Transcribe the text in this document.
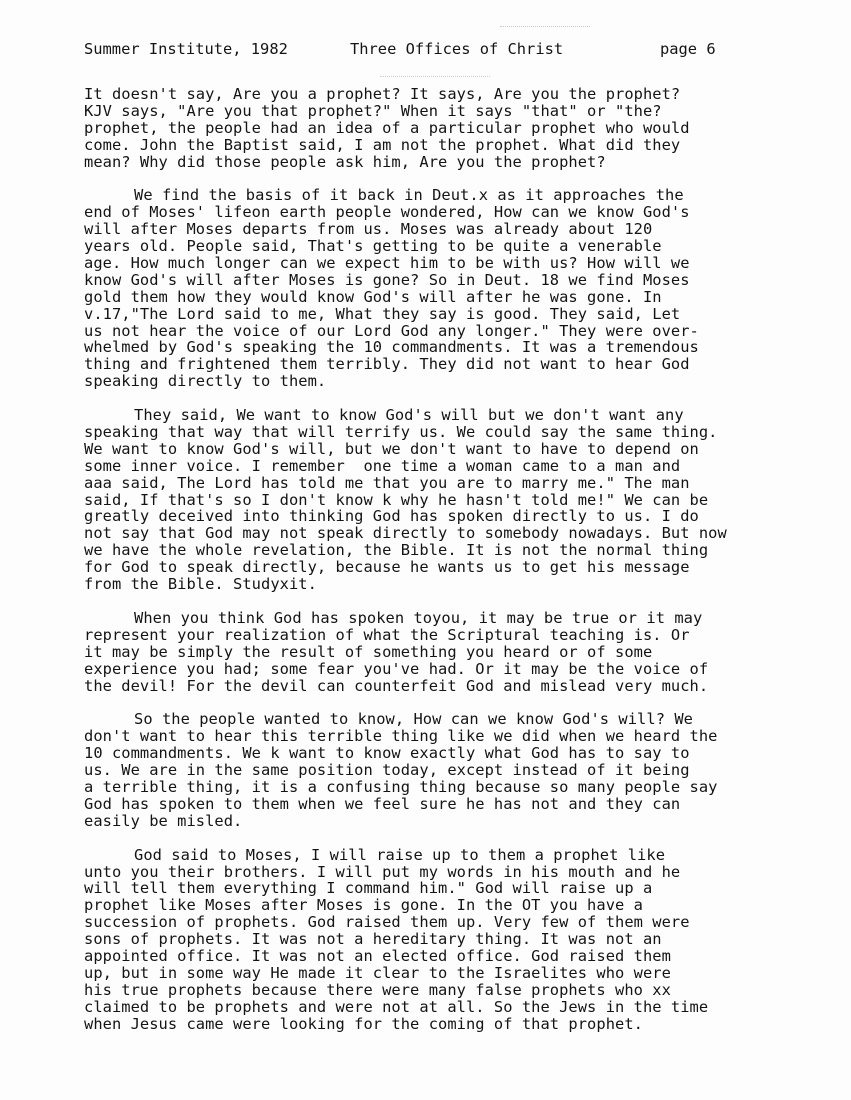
Summer Institute, 1982

	Three Offices of Christ

	page 6

It doesn't say, Are you a prophet? It says, Are you the prophet?
KJV says, "Are you that prophet?" When it says "that" or "the?
prophet, the people had an idea of a particular prophet who would
come. John the Baptist said, I am not the prophet. What did they
mean? Why did those people ask him, Are you the prophet?
We find the basis of it back in Deut.x as it approaches the
end of Moses' lifeon earth people wondered, How can we know God's
will after Moses departs from us. Moses was already about 120
years old. People said, That's getting to be quite a venerable
age. How much longer can we expect him to be with us? How will we
know God's will after Moses is gone? So in Deut. 18 we find Moses
gold them how they would know God's will after he was gone. In
v.17,"The Lord said to me, What they say is good. They said, Let
us not hear the voice of our Lord God any longer." They were over-
whelmed by God's speaking the 10 commandments. It was a tremendous
thing and frightened them terribly. They did not want to hear God
speaking directly to them.
They said, We want to know God's will but we don't want any
speaking that way that will terrify us. We could say the same thing.
We want to know God's will, but we don't want to have to depend on
some inner voice. I remember  one time a woman came to a man and
aaa said, The Lord has told me that you are to marry me." The man
said, If that's so I don't know k why he hasn't told me!" We can be
greatly deceived into thinking God has spoken directly to us. I do
not say that God may not speak directly to somebody nowadays. But now
we have the whole revelation, the Bible. It is not the normal thing
for God to speak directly, because he wants us to get his message
from the Bible. Studyxit.
When you think God has spoken toyou, it may be true or it may
represent your realization of what the Scriptural teaching is. Or
it may be simply the result of something you heard or of some
experience you had; some fear you've had. Or it may be the voice of
the devil! For the devil can counterfeit God and mislead very much.
So the people wanted to know, How can we know God's will? We
don't want to hear this terrible thing like we did when we heard the
10 commandments. We k want to know exactly what God has to say to
us. We are in the same position today, except instead of it being
a terrible thing, it is a confusing thing because so many people say
God has spoken to them when we feel sure he has not and they can
easily be misled.
God said to Moses, I will raise up to them a prophet like
unto you their brothers. I will put my words in his mouth and he
will tell them everything I command him." God will raise up a
prophet like Moses after Moses is gone. In the OT you have a
succession of prophets. God raised them up. Very few of them were
sons of prophets. It was not a hereditary thing. It was not an
appointed office. It was not an elected office. God raised them
up, but in some way He made it clear to the Israelites who were
his true prophets because there were many false prophets who xx
claimed to be prophets and were not at all. So the Jews in the time
when Jesus came were looking for the coming of that prophet.
